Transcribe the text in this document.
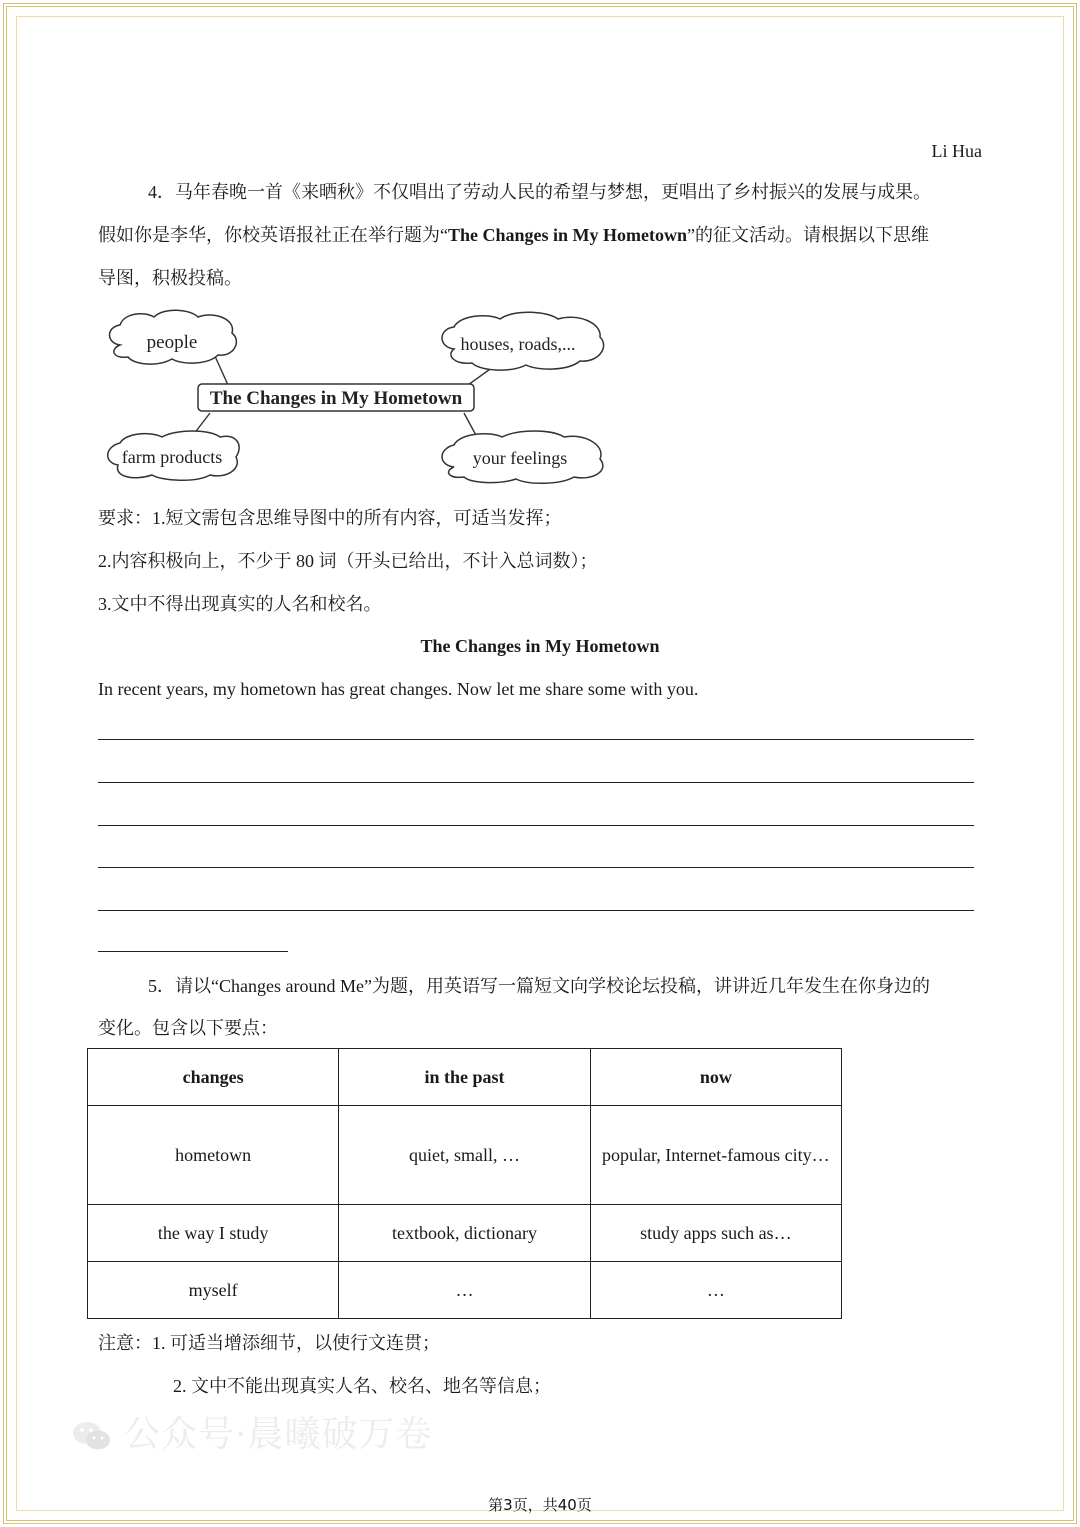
Li Hua
4．马年春晚一首《来晒秋》不仅唱出了劳动人民的希望与梦想，更唱出了乡村振兴的发展与成果。
假如你是李华，你校英语报社正在举行题为“The Changes in My Hometown”的征文活动。请根据以下思维
导图，积极投稿。
people	houses, roads,...
The Changes in My Hometown
farm products	your feelings
要求：1.短文需包含思维导图中的所有内容，可适当发挥；
2.内容积极向上，不少于 80 词（开头已给出，不计入总词数）；
3.文中不得出现真实的人名和校名。
The Changes in My Hometown
In recent years, my hometown has great changes. Now let me share some with you.
5．请以“Changes around Me”为题，用英语写一篇短文向学校论坛投稿，讲讲近几年发生在你身边的
变化。包含以下要点：
changes	in the past	now
hometown	quiet, small, …	popular, Internet-famous city…
the way I study	textbook, dictionary	study apps such as…
myself	…	…
注意：1. 可适当增添细节，以使行文连贯；
2. 文中不能出现真实人名、校名、地名等信息；
公众号·晨曦破万卷
第3页，共40页
